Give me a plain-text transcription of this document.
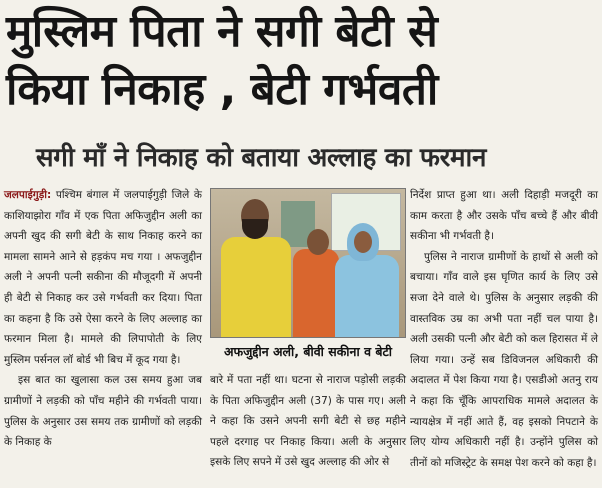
मुस्लिम पिता ने सगी बेटी से
किया निकाह , बेटी गर्भवती
सगी माँ ने निकाह को बताया अल्लाह का फरमान

जलपाईगुड़ी: पश्चिम बंगाल में जलपाईगुड़ी जिले के काशियाझोरा गाँव में एक पिता अफिजुद्दीन अली का अपनी खुद की सगी बेटी के साथ निकाह करने का मामला सामने आने से हड़कंप मच गया । अफजुद्दीन अली ने अपनी पत्नी सकीना की मौजूदगी में अपनी ही बेटी से निकाह कर उसे गर्भवती कर दिया। पिता का कहना है कि उसे ऐसा करने के लिए अल्लाह का फरमान मिला है। मामले की लिपापोती के लिए मुस्लिम पर्सनल लॉ बोर्ड भी बिच में कूद गया है।

इस बात का खुलासा कल उस समय हुआ जब ग्रामीणों ने लड़की को पाँच महीने की गर्भवती पाया। पुलिस के अनुसार उस समय तक ग्रामीणों को लड़की के निकाह के

अफजुद्दीन अली, बीवी सकीना व बेटी

बारे में पता नहीं था। घटना से नाराज पड़ोसी लड़की के पिता अफिजुद्दीन अली (37) के पास गए। अली ने कहा कि उसने अपनी सगी बेटी से छह महीने पहले दरगाह पर निकाह किया। अली के अनुसार इसके लिए सपने में उसे खुद अल्लाह की ओर से

निर्देश प्राप्त हुआ था। अली दिहाड़ी मजदूरी का काम करता है और उसके पाँच बच्चे हैं और बीवी सकीना भी गर्भवती है।

पुलिस ने नाराज ग्रामीणों के हाथों से अली को बचाया। गाँव वाले इस घृणित कार्य के लिए उसे सजा देने वाले थे। पुलिस के अनुसार लड़की की वास्तविक उम्र का अभी पता नहीं चल पाया है। अली उसकी पत्नी और बेटी को कल हिरासत में ले लिया गया। उन्हें सब डिविजनल अधिकारी की अदालत में पेश किया गया है। एसडीओ अतनु राय ने कहा कि चूँकि आपराधिक मामले अदालत के न्यायक्षेत्र में नहीं आते हैं, वह इसको निपटाने के लिए योग्य अधिकारी नहीं है। उन्होंने पुलिस को तीनों को मजिस्ट्रेट के समक्ष पेश करने को कहा है।
